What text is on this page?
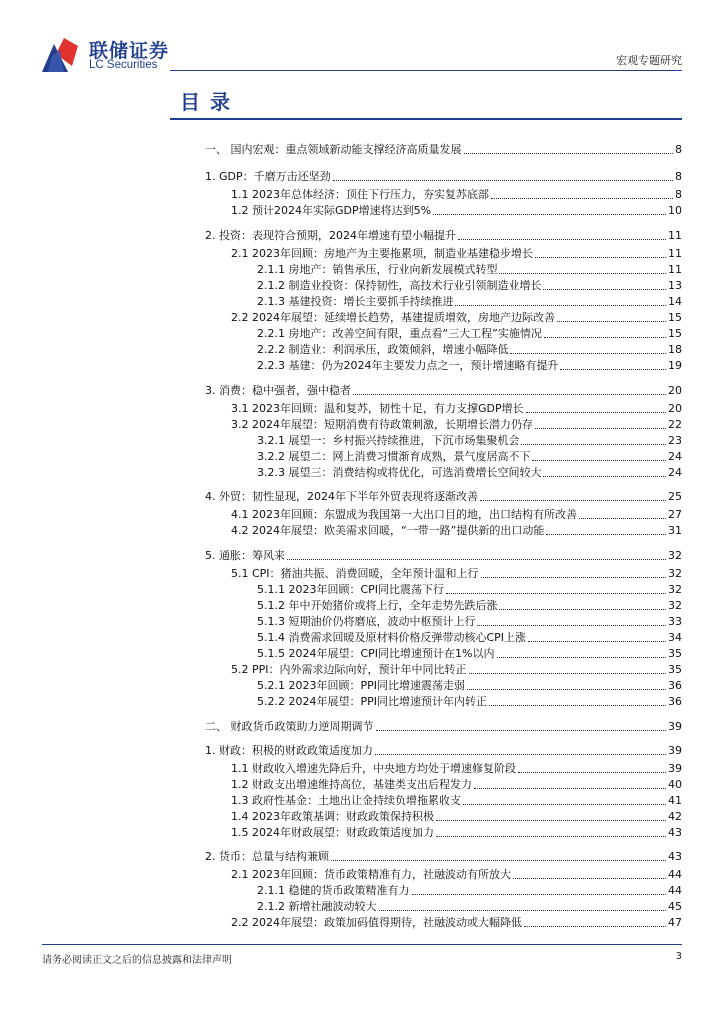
联储证券
LC Securities	宏观专题研究
目录
一、 国内宏观：重点领域新动能支撑经济高质量发展	8
1. GDP：千磨万击还坚劲	8
1.1 2023年总体经济：顶住下行压力，夯实复苏底部	8
1.2 预计2024年实际GDP增速将达到5%	10
2. 投资：表现符合预期，2024年增速有望小幅提升	11
2.1 2023年回顾：房地产为主要拖累项，制造业基建稳步增长	11
2.1.1 房地产：销售承压，行业向新发展模式转型	11
2.1.2 制造业投资：保持韧性，高技术行业引领制造业增长	13
2.1.3 基建投资：增长主要抓手持续推进	14
2.2 2024年展望：延续增长趋势，基建提质增效，房地产边际改善	15
2.2.1 房地产：改善空间有限，重点看“三大工程”实施情况	15
2.2.2 制造业：利润承压，政策倾斜，增速小幅降低	18
2.2.3 基建：仍为2024年主要发力点之一，预计增速略有提升	19
3. 消费：稳中强者，强中稳者	20
3.1 2023年回顾：温和复苏，韧性十足，有力支撑GDP增长	20
3.2 2024年展望：短期消费有待政策刺激，长期增长潜力仍存	22
3.2.1 展望一：乡村振兴持续推进，下沉市场集聚机会	23
3.2.2 展望二：网上消费习惯渐育成熟，景气度居高不下	24
3.2.3 展望三：消费结构或将优化，可选消费增长空间较大	24
4. 外贸：韧性显现，2024年下半年外贸表现将逐渐改善	25
4.1 2023年回顾：东盟成为我国第一大出口目的地，出口结构有所改善	27
4.2 2024年展望：欧美需求回暖，“一带一路”提供新的出口动能	31
5. 通胀：筹风来	32
5.1 CPI：猪油共振、消费回暖，全年预计温和上行	32
5.1.1 2023年回顾：CPI同比震荡下行	32
5.1.2 年中开始猪价或将上行，全年走势先跌后涨	32
5.1.3 短期油价仍将磨底，波动中枢预计上行	33
5.1.4 消费需求回暖及原材料价格反弹带动核心CPI上涨	34
5.1.5 2024年展望：CPI同比增速预计在1%以内	35
5.2 PPI：内外需求边际向好，预计年中同比转正	35
5.2.1 2023年回顾：PPI同比增速震荡走弱	36
5.2.2 2024年展望：PPI同比增速预计年内转正	36
二、 财政货币政策助力逆周期调节	39
1. 财政：积极的财政政策适度加力	39
1.1 财政收入增速先降后升，中央地方均处于增速修复阶段	39
1.2 财政支出增速维持高位，基建类支出后程发力	40
1.3 政府性基金：土地出让金持续负增拖累收支	41
1.4 2023年政策基调：财政政策保持积极	42
1.5 2024年财政展望：财政政策适度加力	43
2. 货币：总量与结构兼顾	43
2.1 2023年回顾：货币政策精准有力，社融波动有所放大	44
2.1.1 稳健的货币政策精准有力	44
2.1.2 新增社融波动较大	45
2.2 2024年展望：政策加码值得期待，社融波动或大幅降低	47
请务必阅读正文之后的信息披露和法律声明	3
